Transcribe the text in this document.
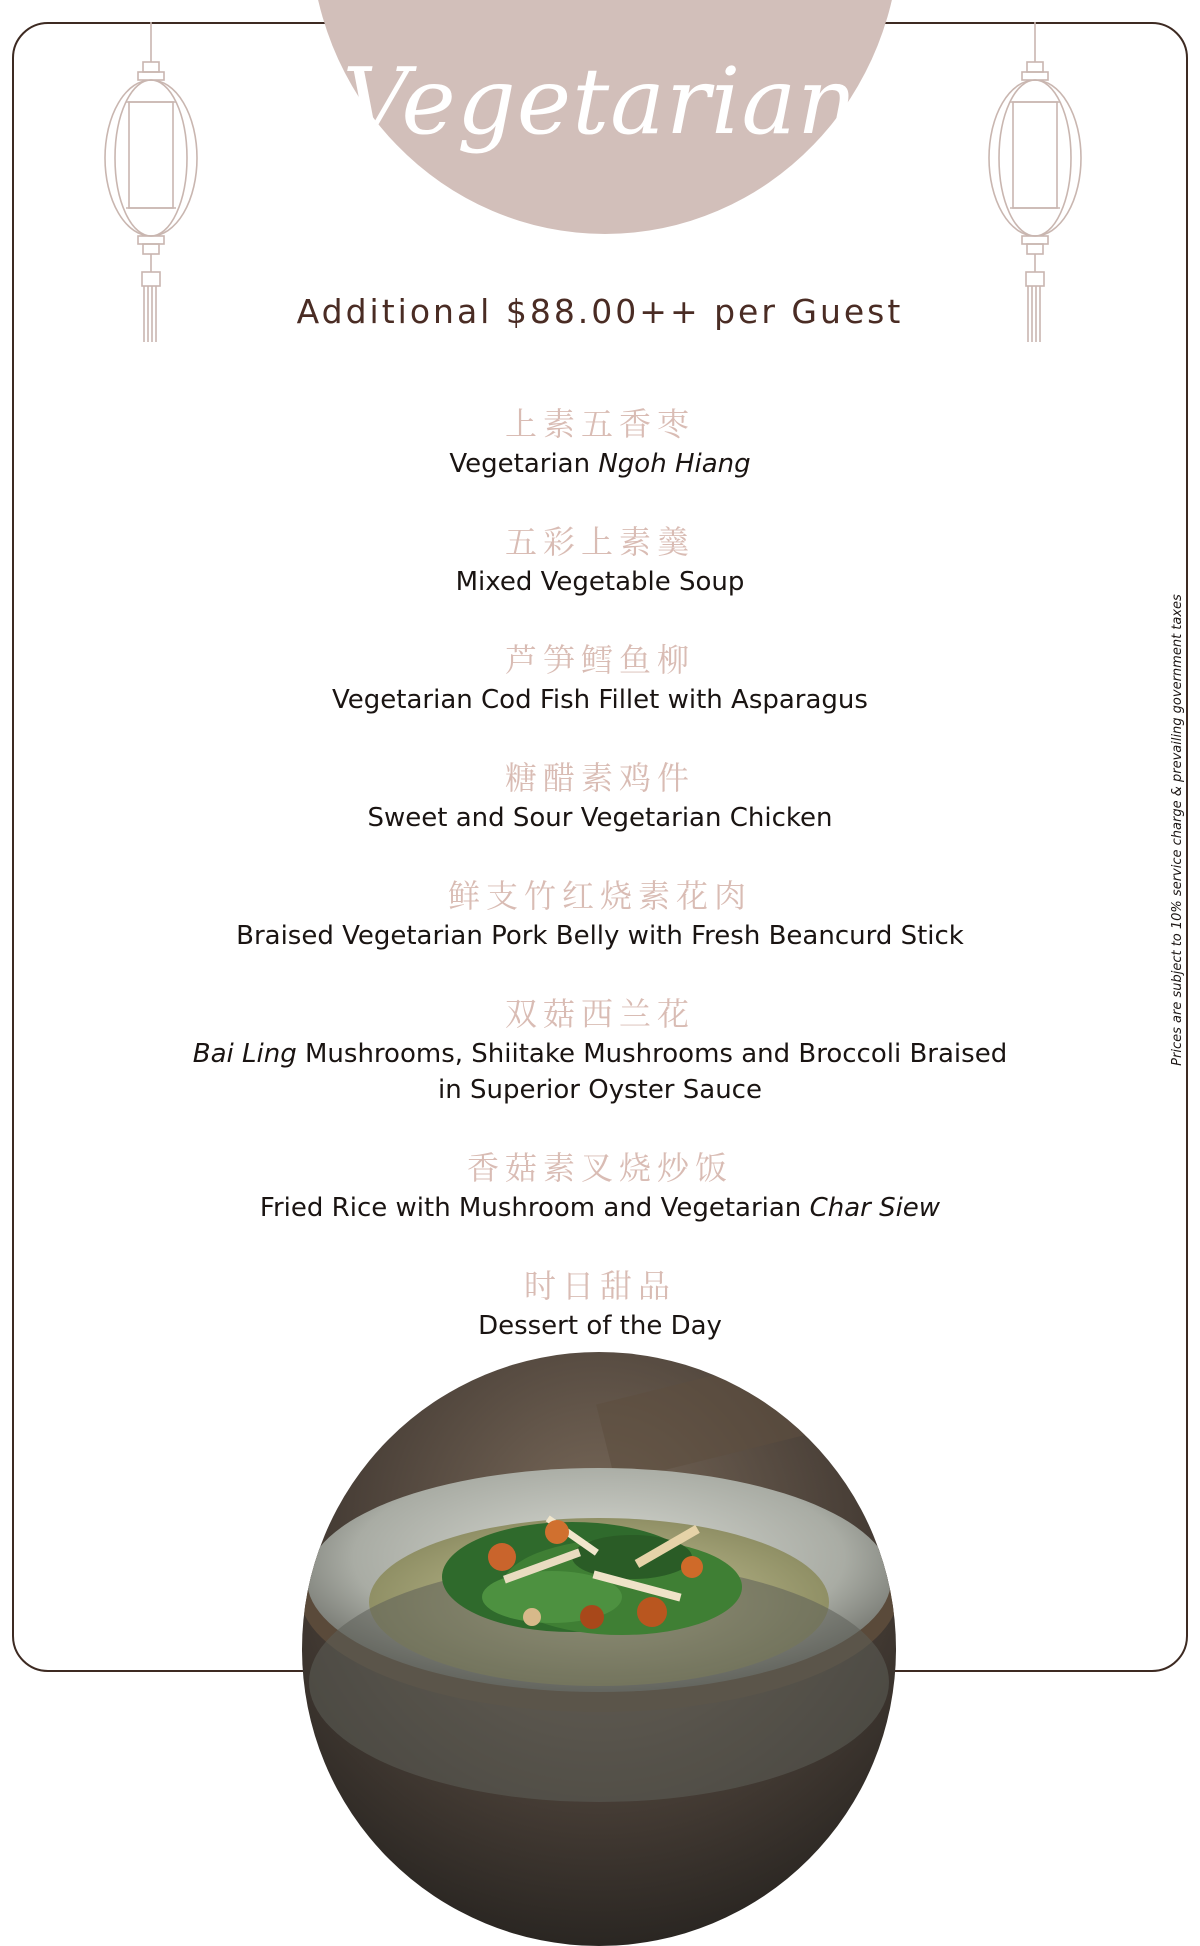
Vegetarian
Additional $88.00++ per Guest
上素五香枣
Vegetarian Ngoh Hiang
五彩上素羹
Mixed Vegetable Soup
芦笋鳕鱼柳
Vegetarian Cod Fish Fillet with Asparagus
糖醋素鸡件
Sweet and Sour Vegetarian Chicken
鲜支竹红烧素花肉
Braised Vegetarian Pork Belly with Fresh Beancurd Stick
双菇西兰花
Bai Ling Mushrooms, Shiitake Mushrooms and Broccoli Braised
in Superior Oyster Sauce
香菇素叉烧炒饭
Fried Rice with Mushroom and Vegetarian Char Siew
时日甜品
Dessert of the Day
Prices are subject to 10% service charge & prevailing government taxes
